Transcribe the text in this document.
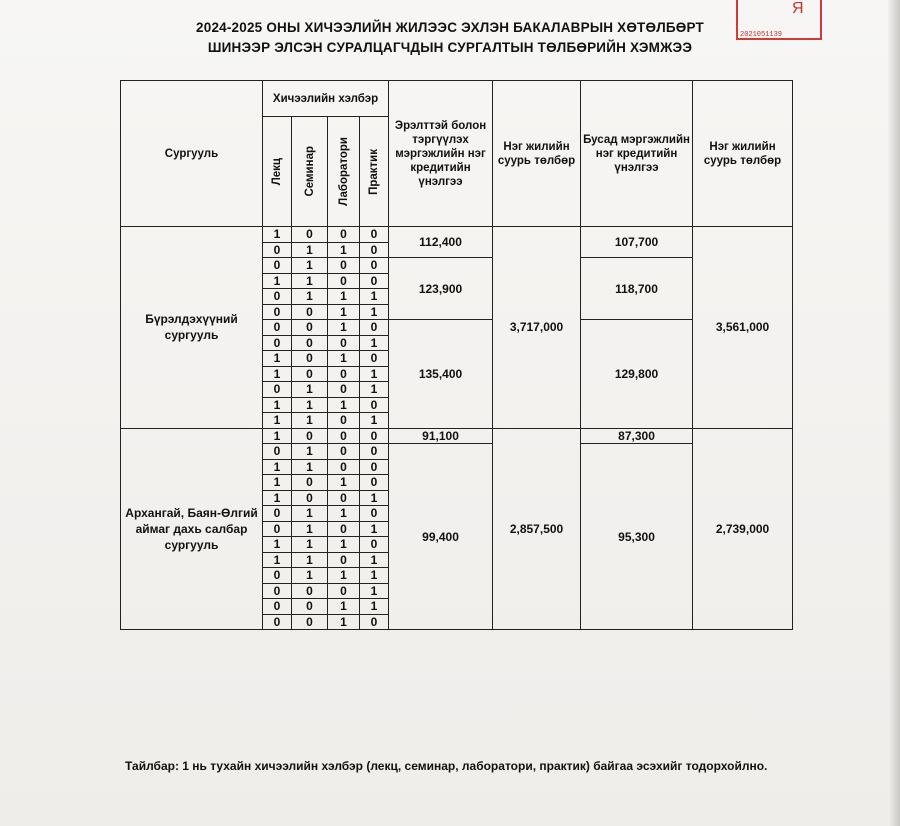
Я
2021051139
2024-2025 ОНЫ ХИЧЭЭЛИЙН ЖИЛЭЭС ЭХЛЭН БАКАЛАВРЫН ХӨТӨЛБӨРТ
ШИНЭЭР ЭЛСЭН СУРАЛЦАГЧДЫН СУРГАЛТЫН ТӨЛБӨРИЙН ХЭМЖЭЭ
Сургууль	Хичээлийн хэлбэр				Эрэлттэй болон тэргүүлэх мэргэжлийн нэг кредитийн үнэлгээ	Нэг жилийн суурь төлбөр	Бусад мэргэжлийн нэг кредитийн үнэлгээ	Нэг жилийн суурь төлбөр

	Лекц	Семинар	Лаборатори	Практик				

Бүрэлдэхүүний сургууль	1	0	0	0	112,400	3,717,000	107,700	3,561,000
	0	1	1	0				
	0	1	0	0	123,900		118,700	
	1	1	0	0				
	0	1	1	1				
	0	0	1	1				
	0	0	1	0	135,400		129,800	
	0	0	0	1				
	1	0	1	0				
	1	0	0	1				
	0	1	0	1				
	1	1	1	0				
	1	1	0	1				
Архангай, Баян-Өлгий аймаг дахь салбар сургууль	1	0	0	0	91,100	2,857,500	87,300	2,739,000
	0	1	0	0	99,400		95,300	
	1	1	0	0				
	1	0	1	0				
	1	0	0	1				
	0	1	1	0				
	0	1	0	1				
	1	1	1	0				
	1	1	0	1				
	0	1	1	1				
	0	0	0	1				
	0	0	1	1				
	0	0	1	0				
Тайлбар: 1 нь тухайн хичээлийн хэлбэр (лекц, семинар, лаборатори, практик) байгаа эсэхийг тодорхойлно.
